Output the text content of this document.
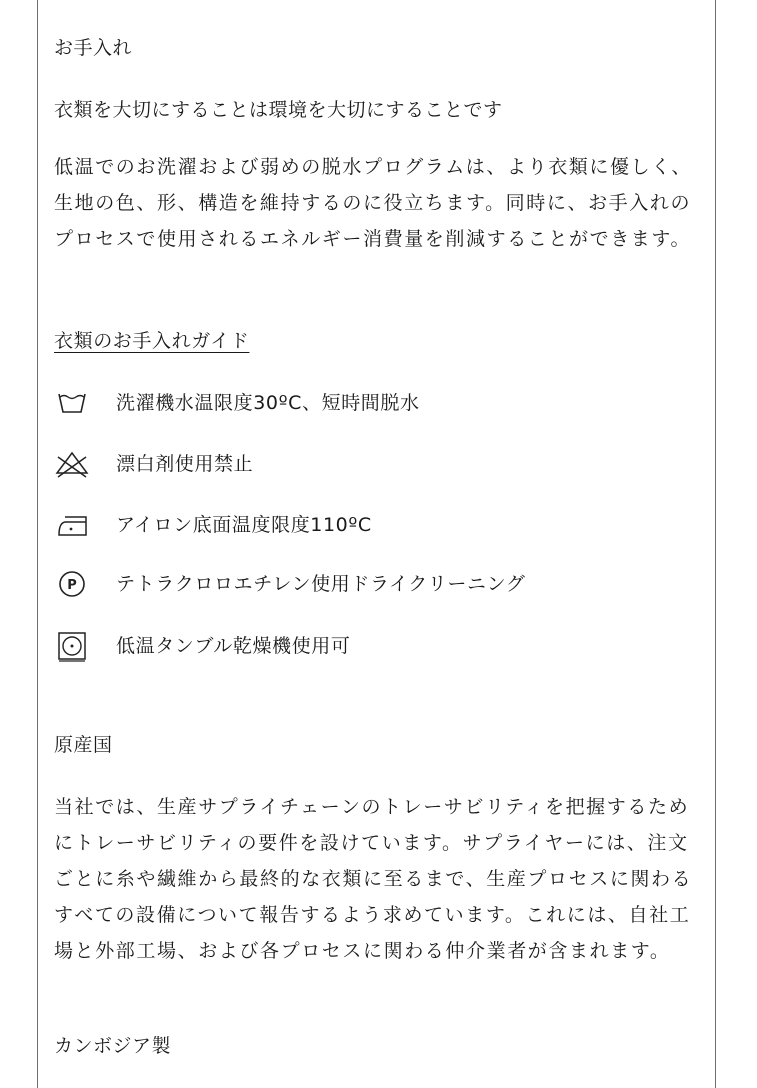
お手入れ
衣類を大切にすることは環境を大切にすることです
低温でのお洗濯および弱めの脱水プログラムは、より衣類に優しく、生地の色、形、構造を維持するのに役立ちます。同時に、お手入れのプロセスで使用されるエネルギー消費量を削減することができます。
衣類のお手入れガイド
洗濯機水温限度30ºC、短時間脱水
漂白剤使用禁止
アイロン底面温度限度110ºC
P テトラクロロエチレン使用ドライクリーニング
低温タンブル乾燥機使用可
原産国
当社では、生産サプライチェーンのトレーサビリティを把握するためにトレーサビリティの要件を設けています。サプライヤーには、注文ごとに糸や繊維から最終的な衣類に至るまで、生産プロセスに関わるすべての設備について報告するよう求めています。これには、自社工場と外部工場、および各プロセスに関わる仲介業者が含まれます。
カンボジア製
